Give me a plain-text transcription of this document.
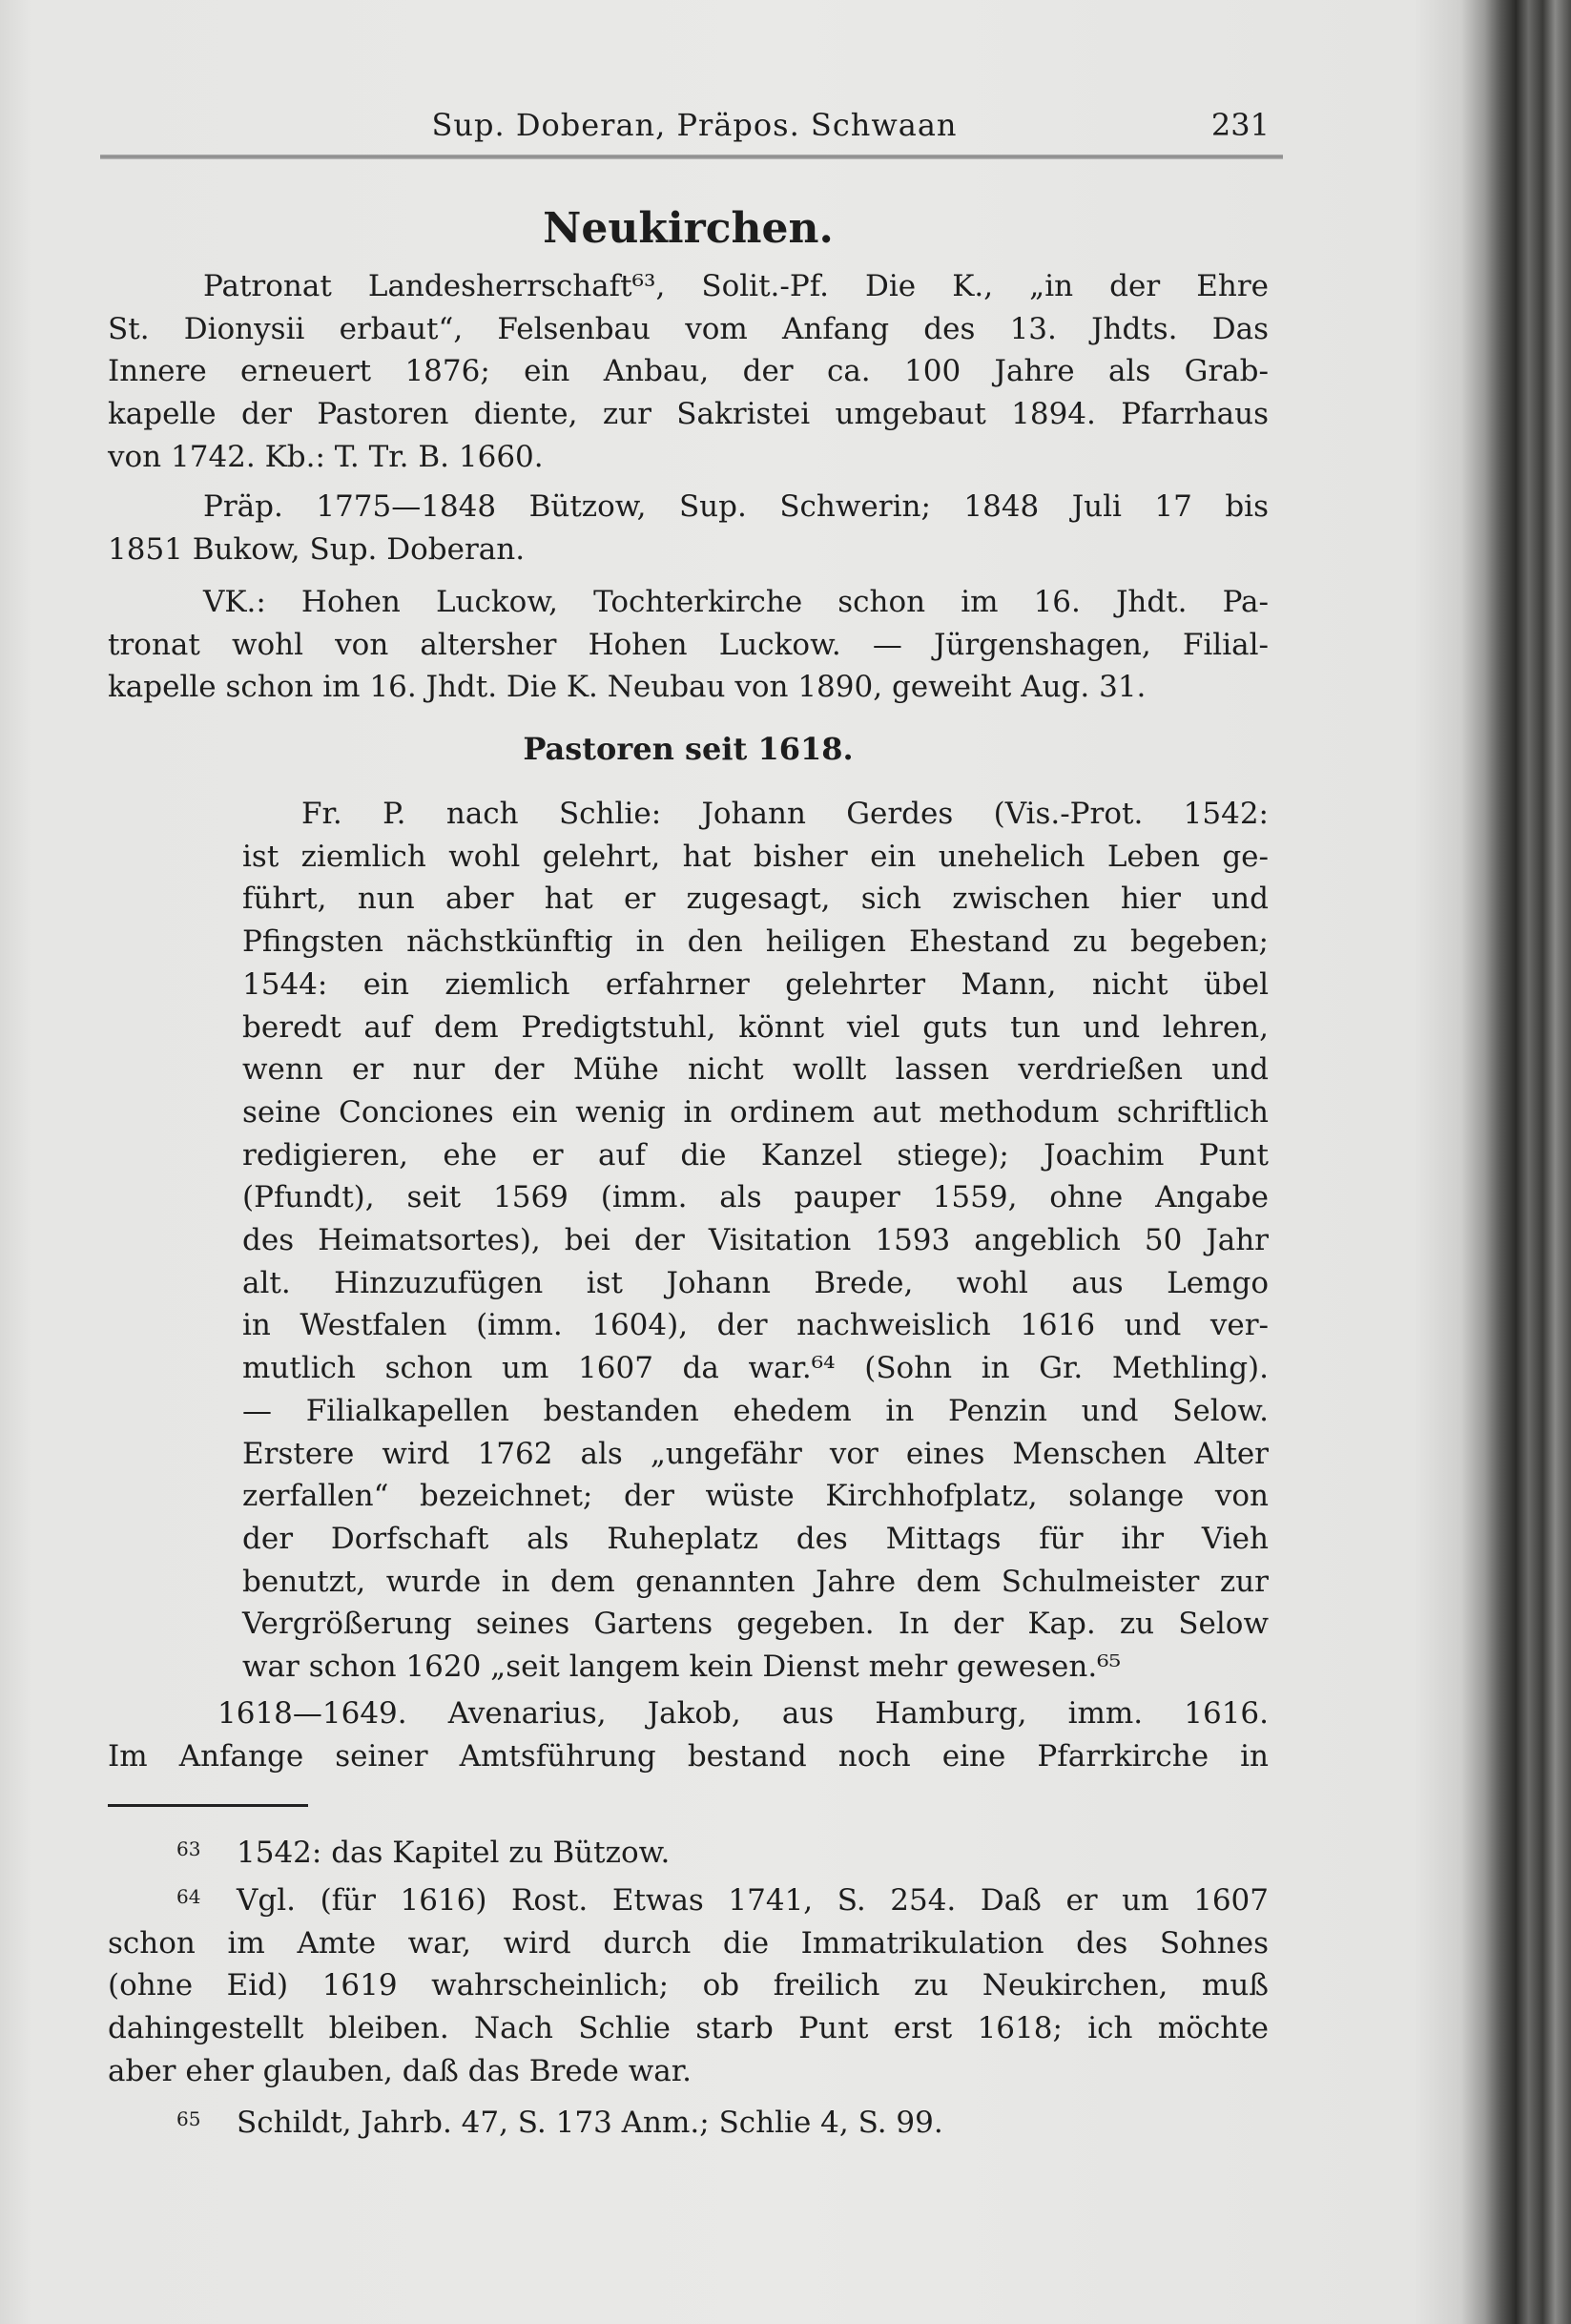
Sup. Doberan, Präpos. Schwaan	231
Neukirchen.
Patronat Landesherrschaft⁶³, Solit.-Pf. Die K., „in der Ehre
St. Dionysii erbaut“, Felsenbau vom Anfang des 13. Jhdts. Das
Innere erneuert 1876; ein Anbau, der ca. 100 Jahre als Grab-
kapelle der Pastoren diente, zur Sakristei umgebaut 1894. Pfarrhaus
von 1742. Kb.: T. Tr. B. 1660.
Präp. 1775—1848 Bützow, Sup. Schwerin; 1848 Juli 17 bis
1851 Bukow, Sup. Doberan.
VK.: Hohen Luckow, Tochterkirche schon im 16. Jhdt. Pa-
tronat wohl von altersher Hohen Luckow. — Jürgenshagen, Filial-
kapelle schon im 16. Jhdt. Die K. Neubau von 1890, geweiht Aug. 31.
Pastoren seit 1618.
Fr. P. nach Schlie: Johann Gerdes (Vis.-Prot. 1542:
ist ziemlich wohl gelehrt, hat bisher ein unehelich Leben ge-
führt, nun aber hat er zugesagt, sich zwischen hier und
Pfingsten nächstkünftig in den heiligen Ehestand zu begeben;
1544: ein ziemlich erfahrner gelehrter Mann, nicht übel
beredt auf dem Predigtstuhl, könnt viel guts tun und lehren,
wenn er nur der Mühe nicht wollt lassen verdrießen und
seine Conciones ein wenig in ordinem aut methodum schriftlich
redigieren, ehe er auf die Kanzel stiege); Joachim Punt
(Pfundt), seit 1569 (imm. als pauper 1559, ohne Angabe
des Heimatsortes), bei der Visitation 1593 angeblich 50 Jahr
alt. Hinzuzufügen ist Johann Brede, wohl aus Lemgo
in Westfalen (imm. 1604), der nachweislich 1616 und ver-
mutlich schon um 1607 da war.⁶⁴ (Sohn in Gr. Methling).
— Filialkapellen bestanden ehedem in Penzin und Selow.
Erstere wird 1762 als „ungefähr vor eines Menschen Alter
zerfallen“ bezeichnet; der wüste Kirchhofplatz, solange von
der Dorfschaft als Ruheplatz des Mittags für ihr Vieh
benutzt, wurde in dem genannten Jahre dem Schulmeister zur
Vergrößerung seines Gartens gegeben. In der Kap. zu Selow
war schon 1620 „seit langem kein Dienst mehr gewesen.⁶⁵
1618—1649. Avenarius, Jakob, aus Hamburg, imm. 1616.
Im Anfange seiner Amtsführung bestand noch eine Pfarrkirche in
63	1542: das Kapitel zu Bützow.
64	Vgl. (für 1616) Rost. Etwas 1741, S. 254. Daß er um 1607
schon im Amte war, wird durch die Immatrikulation des Sohnes
(ohne Eid) 1619 wahrscheinlich; ob freilich zu Neukirchen, muß
dahingestellt bleiben. Nach Schlie starb Punt erst 1618; ich möchte
aber eher glauben, daß das Brede war.
65	Schildt, Jahrb. 47, S. 173 Anm.; Schlie 4, S. 99.
